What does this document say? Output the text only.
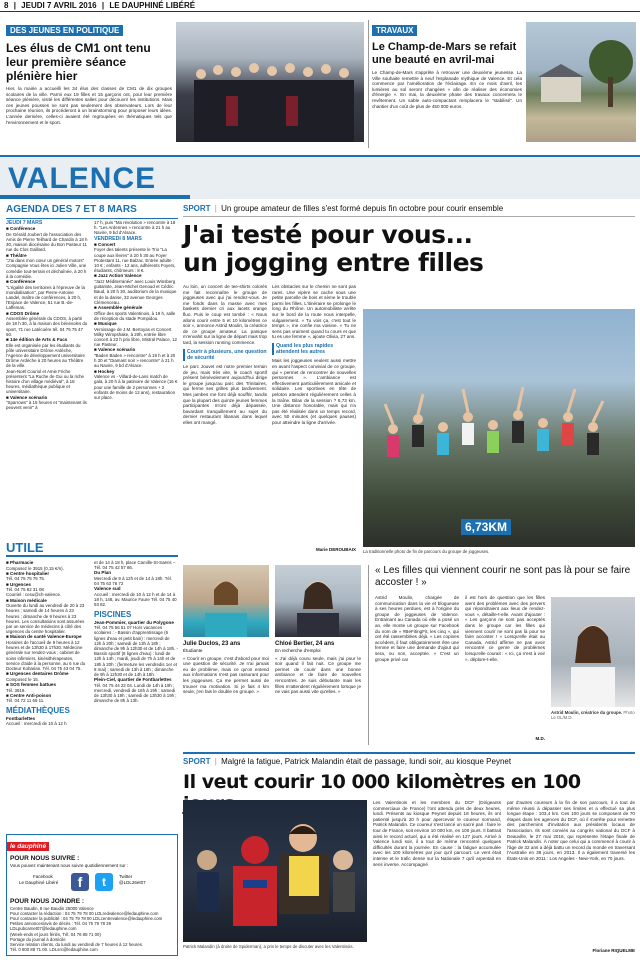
8 | JEUDI 7 AVRIL 2016 | LE DAUPHINÉ LIBÉRÉ
DES JEUNES EN POLITIQUE
Les élus de CM1 ont tenu leur première séance plénière hier
Hier, la mairie a accueilli les 34 élus des classes de CM1 de dix groupes scolaires de la ville. Parmi eux 19 filles et 15 garçons ont, pour leur première séance plénière, visité les différentes salles pour découvrir les institutions. Mais ces jeunes pousses ne sont pas seulement des observateurs. Lors de leur prochaine réunion, ils procéderont à un brainstorming pour proposer leurs idées. L'année dernière, celles-ci avaient été regroupées en thématiques tels que l'environnement et le sport.
TRAVAUX
Le Champ-de-Mars se refait une beauté en avril-mai
Le Champ-de-Mars s'apprête à retrouver une deuxième jeunesse. La Ville souhaite remettre à neuf l'esplanade mythique de Valence. Et cela commence par l'amélioration de l'éclairage. En ce mois d'avril, les lumières au sol seront changées « afin de réaliser des économies d'énergie ». En mai, la deuxième phase des travaux concernera le revêtement. Un sable auto-compactant remplacera le "stabilisé". Un chantier d'un coût de plus de 450 000 euros.
VALENCE
AGENDA DES 7 ET 8 MARS
JEUDI 7 MARS
■ Conférence
De Gérald Joubert de l'association des Amis de Pierre Teilhard de Chardin à 18 h 30, maison diocésaine du Bon Pasteur 11 rue du Clos Gaillard.
■ Théâtre
"J'ai dans mon cœur un général motors" Compagnie Vous êtes ici Julien Ville, une comédie tout-terrain et déchaînée, à 20 h à la comédie.
■ Conférence
"L'égalité des territoires à l'épreuve de la mondialisation", par Pierre-Antoine Landel, maître de conférences, à 20 h, l'Espace de Valence, 51 rue B.-de-Laffemas.
■ CDOS Drôme
Assemblée générale du CDOS, à partir de 18 h 30, à la maison des bénévoles du sport, 71 rue Latécoère tél. 04 75 75 47 50.
■ 14e édition de Arts & Facs
Elle est organisée par les étudiants du pôle universitaire Drôme Ardèche, l'Agence de développement universitaire Drôme Ardèche à 20 heures au Théâtre de la ville.
Jean-Noël Couriol et Amie Friche présentent "La Ruche de Gui ou la riche histoire d'un village médiéval", à 18 heures, médiathèque publique et universitaire.
■ Valence scénario
"Sparrows" à 15 heures et "maintenant ils peuvent venir" à
17 h, puis "Ma révolution » rencontre à 18 h. "Les Ardennes » rencontre à 21 h au Navire, 9 bd d'Alsace.
VENDREDI 8 MARS
■ Concert
Foyer des talents présente le Trio "La coupe aux lèvres" à 20 h 30 au Foyer Protestant 11, rue Balzac. Entrée adulte : 10 € ; enfants - 12 ans, adhérents Foyers, étudiants, chômeurs : 8 €.
■ Jazz Action Valence
"Jazz Méditerranée" avec Louis Winsberg guitariste, Jean-Michel Genoud et Cédric Baud, à 20 h 30, auditorium de la musique et de la danse, 32 avenue Georges Clémenceau.
■ Assemblée générale
Office des sports Valentinois, à 19 h, salle de réception du stade Pompidou.
■ Musique
Vernissage de J.M. Bertoyas et Concert Milky Wimpshake, à 20h, entrée libre concert à 22 h prix libre, Mistral Palace, 12 rue Pasteur.
■ Valence scénario
"Baden Baden » rencontre" à 19 h et à 20 h 30 et "Diamant noir » rencontre" à 21 h au Navire, 9 bd d'Alsace.
■ Hockey
Valence vs - Villard-de-Lans match de gala, à 20 h à la patinoire de Valence (16 € pour une famille de 2 personnes + 2 enfants de moins de 12 ans), restauration sur place.
SPORT | Un groupe amateur de filles s'est formé depuis fin octobre pour courir ensemble
J'ai testé pour vous...
un jogging entre filles
Au loin, un concert de tee-shirts colorés me fait reconnaître le groupe de joggeuses avec qui j'ai rendez-vous. Je me fonds dans la masse avec mes baskets dernier cri aux lacets orange fluo. Puis le coup est tombé : « Nous allons courir entre 5 et 10 kilomètres ce soir », annonce Astrid Moulin, la créatrice de ce groupe amateur. La panique m'envahit sur la ligne de départ mais trop tard, la session running commence.
Courir à plusieurs, une question de sécurité
Le parc Jouvet est notre premier terrain de jeu, mais très vite, le coach sportif présent bénévolement aujourd'hui dirige le groupe jusqu'au parc des Trinitaires, qui ferme ses grilles plus tardivement. Mes jambes me font déjà souffrir, tandis que la plupart des quinze jeunes femmes participantes m'ont déjà dépassée, bavardant tranquillement au sujet du dernier restaurant libanais dans lequel elles ont mangé.
Les obstacles sur le chemin ne sont pas rares. Une vipère se cache sous une petite parcelle de bois et sème le trouble parmi les filles. L'itinéraire se prolonge le long du Rhône. Un automobiliste arrête sur le bord de la route nous interpelle, vulgairement. « Tu vois ça, c'est tout le temps », me confie ma voisine. « Tu ne sens pas vraiment quand tu cours et que tu es une femme », ajoute Olivia, 27 ans.
Quand les plus rapides attendent les autres
Mais les joggeuses veulent aussi mettre en avant l'aspect convivial de ce groupe, qui « permet de rencontrer de nouvelles personnes ». L'ambiance est effectivement particulièrement amicale et solidaire. Les sportives en tête de peloton attendent régulièrement celles à la traîne. Bilan de la session ? 6,73 km. Une distance honorable, mais qui n'a pas été réalisée dans un temps record, avec 50 minutes (et quelques pauses) pour atteindre la ligne d'arrivée.
Marie DEROUBAIX
6,73KM
La traditionnelle photo de fin de parcours du groupe de joggeuses.
UTILE
■ Pharmacie
Composez le 3915 (0,15 €/n).
■ Centre hospitalier
Tél. 04 75 75 75 75.
■ Urgences
Tél. 04 75 82 31 08
Courriel : cesu@ch-valence.
■ Maison médicale
Ouverte du lundi au vendredi de 20 à 23 heures ; samedi de 14 heures à 23 heures ; dimanche de 9 heures à 23 heures. Les consultations sont assurées par un service de médecins à côté des urgences du centre hospitalier.
■ Maison de santé Valence-Europe
Horaires de l'accueil de 9 heures à 12 heures et de 13h30 à 17h30. Médecine générale sur rendez-vous ; cabinet de soins infirmiers, kinésithérapeutes, service d'aide à la personne, au 6 rue du Docteur Koharian. Tél. 04 75 43 04 75.
■ Urgences dentaires Drôme
Composez le 15.
■ SOS femmes battues
Tél. 3919.
■ Centre Anti-poison
Tél. 04 72 11 69 11.
MÉDIATHÈQUES
Fontbarlettes
Accueil : mercredi de 10 à 12 h
et de 14 à 18 h, place Camille-St-Saëns – Tél. 04 75 42 57 86.
Du Plan
Mercredi de 9 à 12h et de 14 à 18h. Tél. 04 75 63 76 72
Valence sud
Accueil : mercredi de 10 à 12 h et de 14 à 18 h, 148, av. Maurice Faure Tél. 04 75 40 93 82.
PISCINES
Jean-Pommier, quartier du Polygone
Tél. 04 75 56 51 07 Hors vacances scolaires : - Bassin d'apprentissage (6 lignes d'eau et petit bain) : mercredi de 12h à 20h ; samedi de 13h à 18h ; dimanche de 9h à 12h30 et de 14h à 18h. - Bassin sportif (8 lignes d'eau) : lundi de 12h à 14h ; mardi, jeudi de 7h à 14h et de 18h à 20h ; (fermeture les vendredis 1er et 8 mai) ; samedi de 13h à 18h ; dimanche de 9h à 12h30 et de 14h à 18h.
Plein-Ciel, quartier de Fontbarlettes
Tél. 04 75 44 22 04. Lundi de 14h à 19h ; mercredi, vendredi de 16h à 19h ; samedi de 13h30 à 19h ; samedi de 13h30 à 19h ; dimanche de 8h à 13h.
le dauphiné
POUR NOUS SUIVRE :
Vous pouvez maintenant nous suivre quotidiennement sur :
Facebook
Le Dauphiné Libéré	f	t	Twitter
@LDL26et07
POUR NOUS JOINDRE :
Centre Baudin, 8 rue Baudin 26000 Valence
Pour contacter la rédaction : 04 75 79 78 00 LDLredvalence@ledauphine.com
Pour contacter la publicité : 04 75 79 78 00 LDLcentrevalence@ledauphine.com
Petites annonces/avis de décès : Tél. 04 75 79 78 39
LDLpubcarnet07@ledauphine.com
(Week-ends et jours fériés, Tél. 04 76 88 71 00)
Portage du journal à domicile
Service relation clients, du lundi au vendredi de 7 heures à 12 heures.
Tél. 0 800 88 71 00. LDLsrc@ledauphine.com
Julie Duclos, 23 ans
Étudiante
« Courir en groupe, c'est d'abord pour moi une question de sécurité. Je n'ai jamais eu de problème, mais ce qu'on entend aux informations n'est pas rassurant pour les joggeuses. Ça me permet aussi de trouver ma motivation. Si je fais 4 km seule, j'en fais le double en groupe. »
Chloé Bertier, 24 ans
En recherche d'emploi
« J'ai déjà couru seule, mais j'ai pour le soir quand il fait nuit. Ce groupe me permet de courir dans une bonne ambiance et de faire de nouvelles rencontres. Je suis débutante mais les filles m'attendent régulièrement lorsque je ne vais pas aussi vite qu'elles. »
« Les filles qui viennent courir ne sont pas là pour se faire accoster ! »
Astrid Moulin, chargée de communication dans la vie et blogueuse à ses heures perdues, est à l'origine du groupe de joggeuses de Valence. Entrainant au Canada où elle a posé un an, elle monte un groupe sur Facebook du nom de « #BeFitingFit, les cinq », qui ont été rassemblées déjà. « Les copines accèdent, il faut obligatoirement être une femme et faire une demande d'ajout qui sera, ou non, acceptée. « C'est un groupe privé car
il est hors de question que les filles aient des problèmes avec des pervers qui répondraient aux lieux de rendez-vous », détaille-t-elle. Avant d'ajouter : « Les garçons ne sont pas acceptés dans le groupe car les filles qui viennent courir ne sont pas là pour se faire accoster ! » Lorsqu'elle était au Canada, Astrid affirme ne pas avoir rencontré ce genre de problèmes lorsqu'elle courait : « Ici, ça n'est à voir », déplore-t-elle.
M.D.
Astrid Moulin, créatrice du groupe. Photo Le DL/M.D.
SPORT | Malgré la fatigue, Patrick Malandin était de passage, lundi soir, au kiosque Peynet
Il veut courir 10 000 kilomètres en 100
Patrick Malandin (à droite de Spiderman), a pris le temps de discuter avec les Valentinois.
Les Valentinois et les membres du DCF (Dirigeants commerciaux de France) l'ont attendu près de deux heures, lundi. Présents au kiosque Peynet depuis 18 heures, ils ont patienté jusqu'à 20 h pour apercevoir le coureur normand, Patrick Malandin. Ce coureur s'est lancé un sacré pari : faire le tour de France, soit environ 10 000 km, en 100 jours. Il battrait ainsi le record actuel, qui a été réalisé en 127 jours. Arrivé à Valence lundi soir, il a tout de même rencontré quelques difficultés durant la journée. En cause : la fatigue accumulée avec les 100 kilomètres par jour qu'il parcourt. Le vent était intense et le trafic dense sur la Nationale 7 qu'il arpentait en sens inverse. Accompagné
par d'autres coureurs à la fin de son parcours, il a tout de même réussi à dépasser ses limites et a effectué sa plus longue étape : 103,4 km. Ces 100 jours se composent de 70 étapes dans les agences du DCF, où il s'arrête pour remettre des parchemins d'invitation aux présidents locaux de l'association. Ils sont conviés au congrès national du DCF à Deauville, le 27 mai 2016, qui représente l'étape finale de Patrick Malandin. À noter que celui qui a commencé à courir à l'âge de 32 ans a déjà battu un record du monde en traversant l'Australie en 38 jours, en 2013. Il a également traversé les États-Unis en 2011 : Los Angeles - New-York, en 70 jours.
Floriane RIQUELME
